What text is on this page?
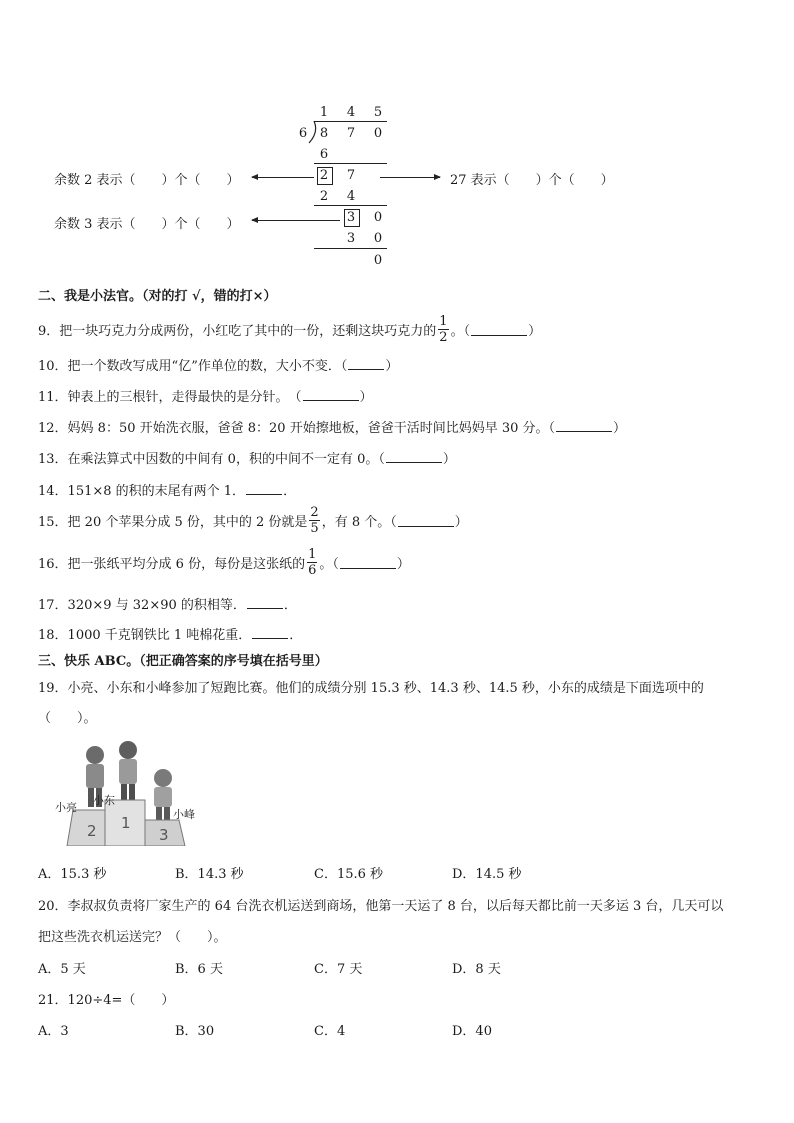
1 4 5
6 8 7 0
6
2 7
2 4
3 0
3 0
0
余数 2 表示（　　）个（　　）	27 表示（　　）个（　　）
余数 3 表示（　　）个（　　）
二、我是小法官。（对的打 √，错的打×）
9．把一块巧克力分成两份，小红吃了其中的一份，还剩这块巧克力的 $\frac{1}{2}$ 。（	）
10．把一个数改写成用“亿”作单位的数，大小不变．（	）
11．钟表上的三根针，走得最快的是分针。　（	）
12．妈妈 8：50 开始洗衣服，爸爸 8：20 开始擦地板，爸爸干活时间比妈妈早 30 分。（	）
13．在乘法算式中因数的中间有 0，积的中间不一定有 0。（	）
14．151×8 的积的末尾有两个 1．	．
15．把 20 个苹果分成 5 份，其中的 2 份就是 $\frac{2}{5}$ ，有 8 个。（	）
16．把一张纸平均分成 6 份，每份是这张纸的 $\frac{1}{6}$ 。（	）
17．320×9 与 32×90 的积相等．	．
18．1000 千克钢铁比 1 吨棉花重．	．
三、快乐 ABC。（把正确答案的序号填在括号里）
19．小亮、小东和小峰参加了短跑比赛。他们的成绩分别 15.3 秒、14.3 秒、14.5 秒，小东的成绩是下面选项中的
（　　）。
2 1
3
小亮
小东
小峰
A．15.3 秒	B．14.3 秒	C．15.6 秒	D．14.5 秒
20．李叔叔负责将厂家生产的 64 台洗衣机运送到商场，他第一天运了 8 台，以后每天都比前一天多运 3 台，几天可以
把这些洗衣机运送完？（　　）。
A．5 天	B．6 天	C．7 天	D．8 天
21．120÷4=（　　）
A．3	B．30	C．4	D．40
